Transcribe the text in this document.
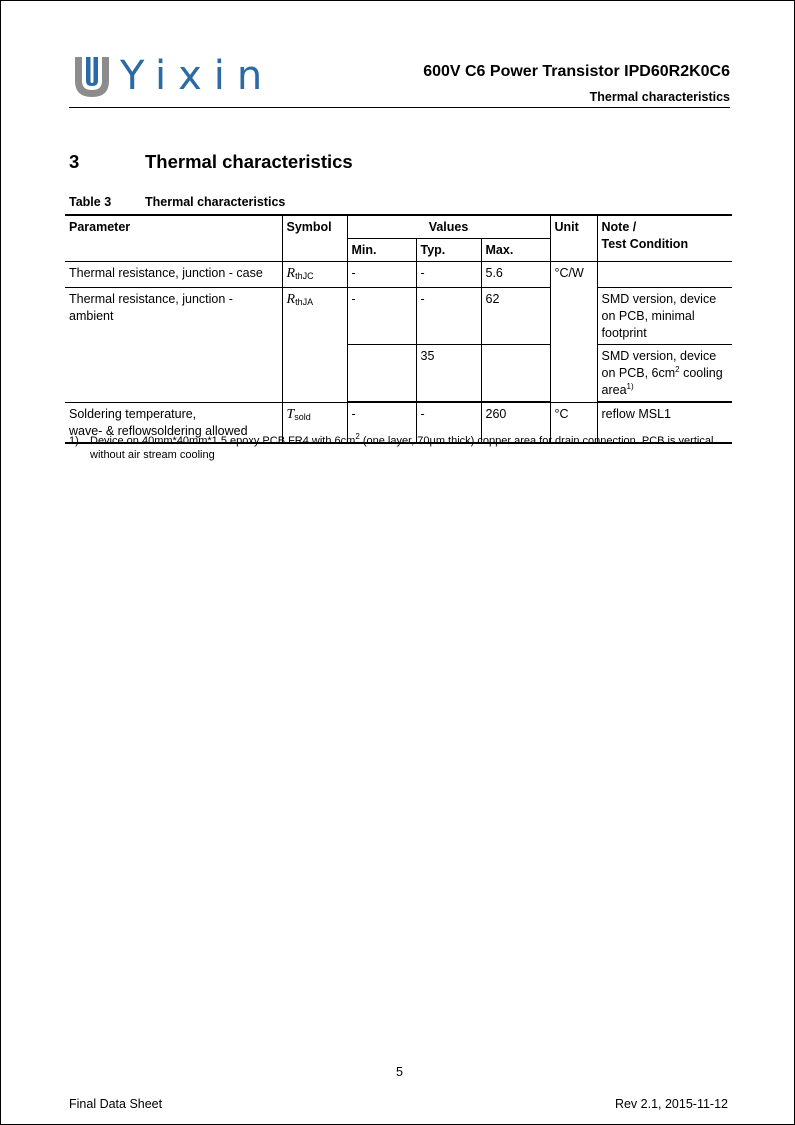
Yixin	600V C6 Power Transistor IPD60R2K0C6
Thermal characteristics
3	Thermal characteristics
Table 3	Thermal characteristics
Parameter	Symbol	Values			Unit	Note /
Test Condition
		Min.	Typ.	Max.		
Thermal resistance, junction - case	RthJC	-	-	5.6	°C/W	
Thermal resistance, junction - ambient	RthJA	-	-	62		SMD version, device on PCB, minimal footprint
			35			SMD version, device on PCB, $6cm^2$ cooling area$^{1)}$
Soldering temperature,
wave- & reflowsoldering allowed	Tsold	-	-	260	°C	reflow MSL1
1) Device on 40mm*40mm*1.5 epoxy PCB FR4 with $6cm^2$ (one layer, 70µm thick) copper area for drain connection. PCB is vertical without air stream cooling
5
Final Data Sheet	Rev 2.1, 2015-11-12
